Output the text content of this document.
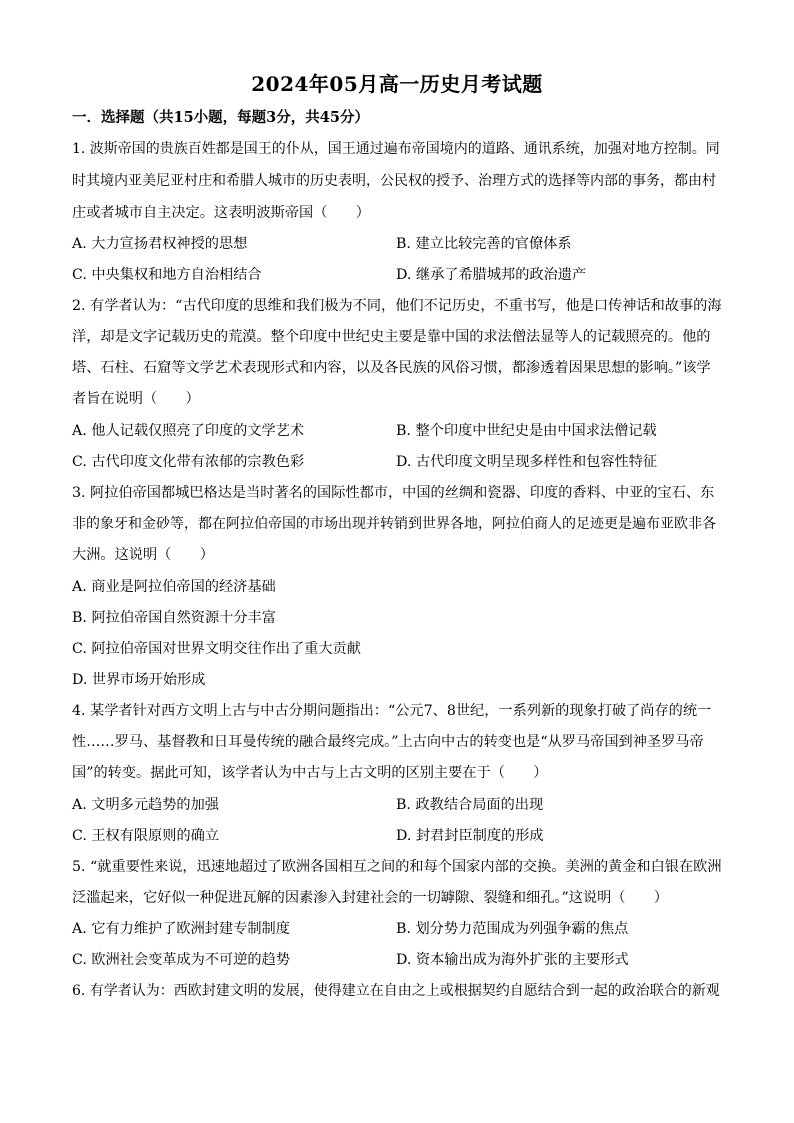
2024年05月高一历史月考试题
一．选择题（共15小题，每题3分，共45分）
1. 波斯帝国的贵族百姓都是国王的仆从，国王通过遍布帝国境内的道路、通讯系统，加强对地方控制。同
时其境内亚美尼亚村庄和希腊人城市的历史表明，公民权的授予、治理方式的选择等内部的事务，都由村
庄或者城市自主决定。这表明波斯帝国（　　）
A. 大力宣扬君权神授的思想	B. 建立比较完善的官僚体系
C. 中央集权和地方自治相结合	D. 继承了希腊城邦的政治遗产
2. 有学者认为：“古代印度的思维和我们极为不同，他们不记历史，不重书写，他是口传神话和故事的海
洋，却是文字记载历史的荒漠。整个印度中世纪史主要是靠中国的求法僧法显等人的记载照亮的。他的
塔、石柱、石窟等文学艺术表现形式和内容，以及各民族的风俗习惯，都渗透着因果思想的影响。”该学
者旨在说明（　　）
A. 他人记载仅照亮了印度的文学艺术	B. 整个印度中世纪史是由中国求法僧记载
C. 古代印度文化带有浓郁的宗教色彩	D. 古代印度文明呈现多样性和包容性特征
3. 阿拉伯帝国都城巴格达是当时著名的国际性都市，中国的丝绸和瓷器、印度的香料、中亚的宝石、东
非的象牙和金砂等，都在阿拉伯帝国的市场出现并转销到世界各地，阿拉伯商人的足迹更是遍布亚欧非各
大洲。这说明（　　）
A. 商业是阿拉伯帝国的经济基础
B. 阿拉伯帝国自然资源十分丰富
C. 阿拉伯帝国对世界文明交往作出了重大贡献
D. 世界市场开始形成
4. 某学者针对西方文明上古与中古分期问题指出：“公元7、8世纪，一系列新的现象打破了尚存的统一
性……罗马、基督教和日耳曼传统的融合最终完成。”上古向中古的转变也是“从罗马帝国到神圣罗马帝
国”的转变。据此可知，该学者认为中古与上古文明的区别主要在于（　　）
A. 文明多元趋势的加强	B. 政教结合局面的出现
C. 王权有限原则的确立	D. 封君封臣制度的形成
5. “就重要性来说，迅速地超过了欧洲各国相互之间的和每个国家内部的交换。美洲的黄金和白银在欧洲
泛滥起来，它好似一种促进瓦解的因素渗入封建社会的一切罅隙、裂缝和细孔。”这说明（　　）
A. 它有力维护了欧洲封建专制制度	B. 划分势力范围成为列强争霸的焦点
C. 欧洲社会变革成为不可逆的趋势	D. 资本输出成为海外扩张的主要形式
6. 有学者认为：西欧封建文明的发展，使得建立在自由之上或根据契约自愿结合到一起的政治联合的新观
